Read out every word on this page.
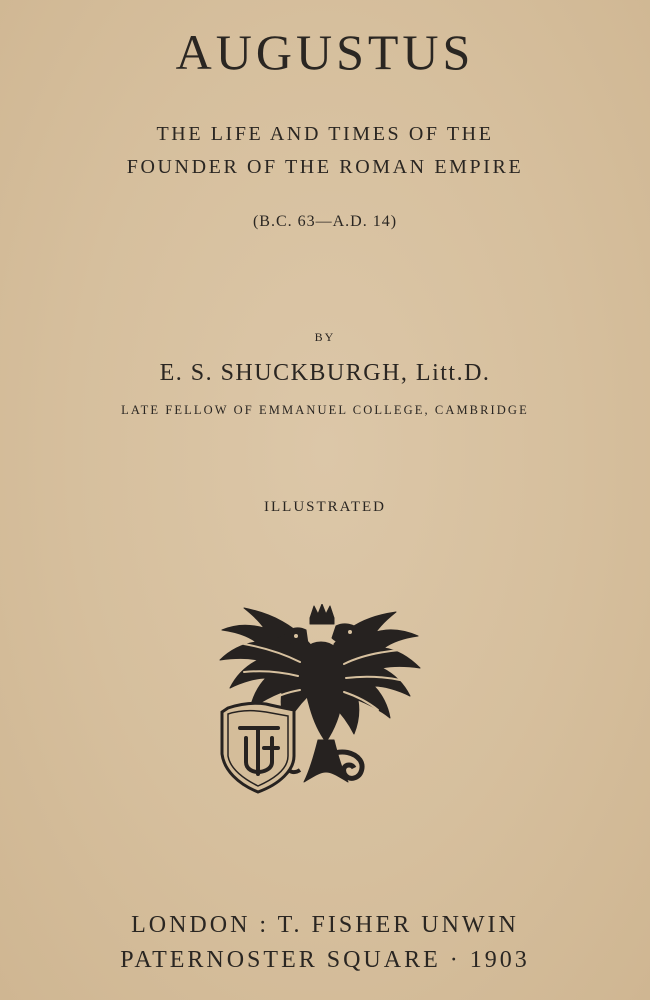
AUGUSTUS
THE LIFE AND TIMES OF THE
FOUNDER OF THE ROMAN EMPIRE
(B.C. 63—A.D. 14)
BY
E. S. SHUCKBURGH, Litt.D.
LATE FELLOW OF EMMANUEL COLLEGE, CAMBRIDGE
ILLUSTRATED
LONDON : T. FISHER UNWIN
PATERNOSTER SQUARE · 1903
